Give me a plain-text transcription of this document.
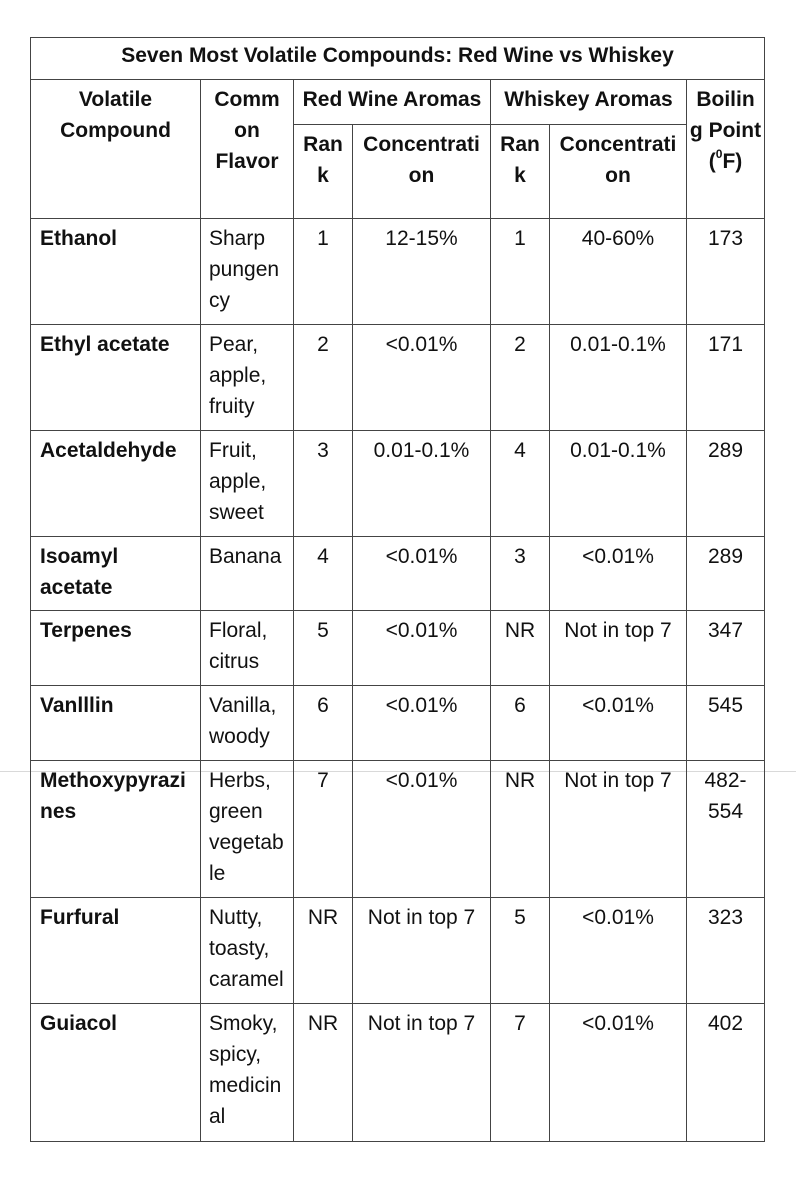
Seven Most Volatile Compounds: Red Wine vs Whiskey						
Volatile Compound	Comm on Flavor	Red Wine Aromas		Whiskey Aromas		Boilin g Point
($^0$F)
		Ran k	Concentrati on	Ran k	Concentrati on	
Ethanol	Sharp pungen cy	1	12-15%	1	40-60%	173
Ethyl acetate	Pear, apple, fruity	2	<0.01%	2	0.01-0.1%	171
Acetaldehyde	Fruit, apple, sweet	3	0.01-0.1%	4	0.01-0.1%	289
Isoamyl acetate	Banana	4	<0.01%	3	<0.01%	289
Terpenes	Floral, citrus	5	<0.01%	NR	Not in top 7	347
Vanlllin	Vanilla, woody	6	<0.01%	6	<0.01%	545
Methoxypyrazi nes	Herbs, green vegetab le	7	<0.01%	NR	Not in top 7	482- 554
Furfural	Nutty, toasty, caramel	NR	Not in top 7	5	<0.01%	323
Guiacol	Smoky, spicy, medicin al	NR	Not in top 7	7	<0.01%	402
